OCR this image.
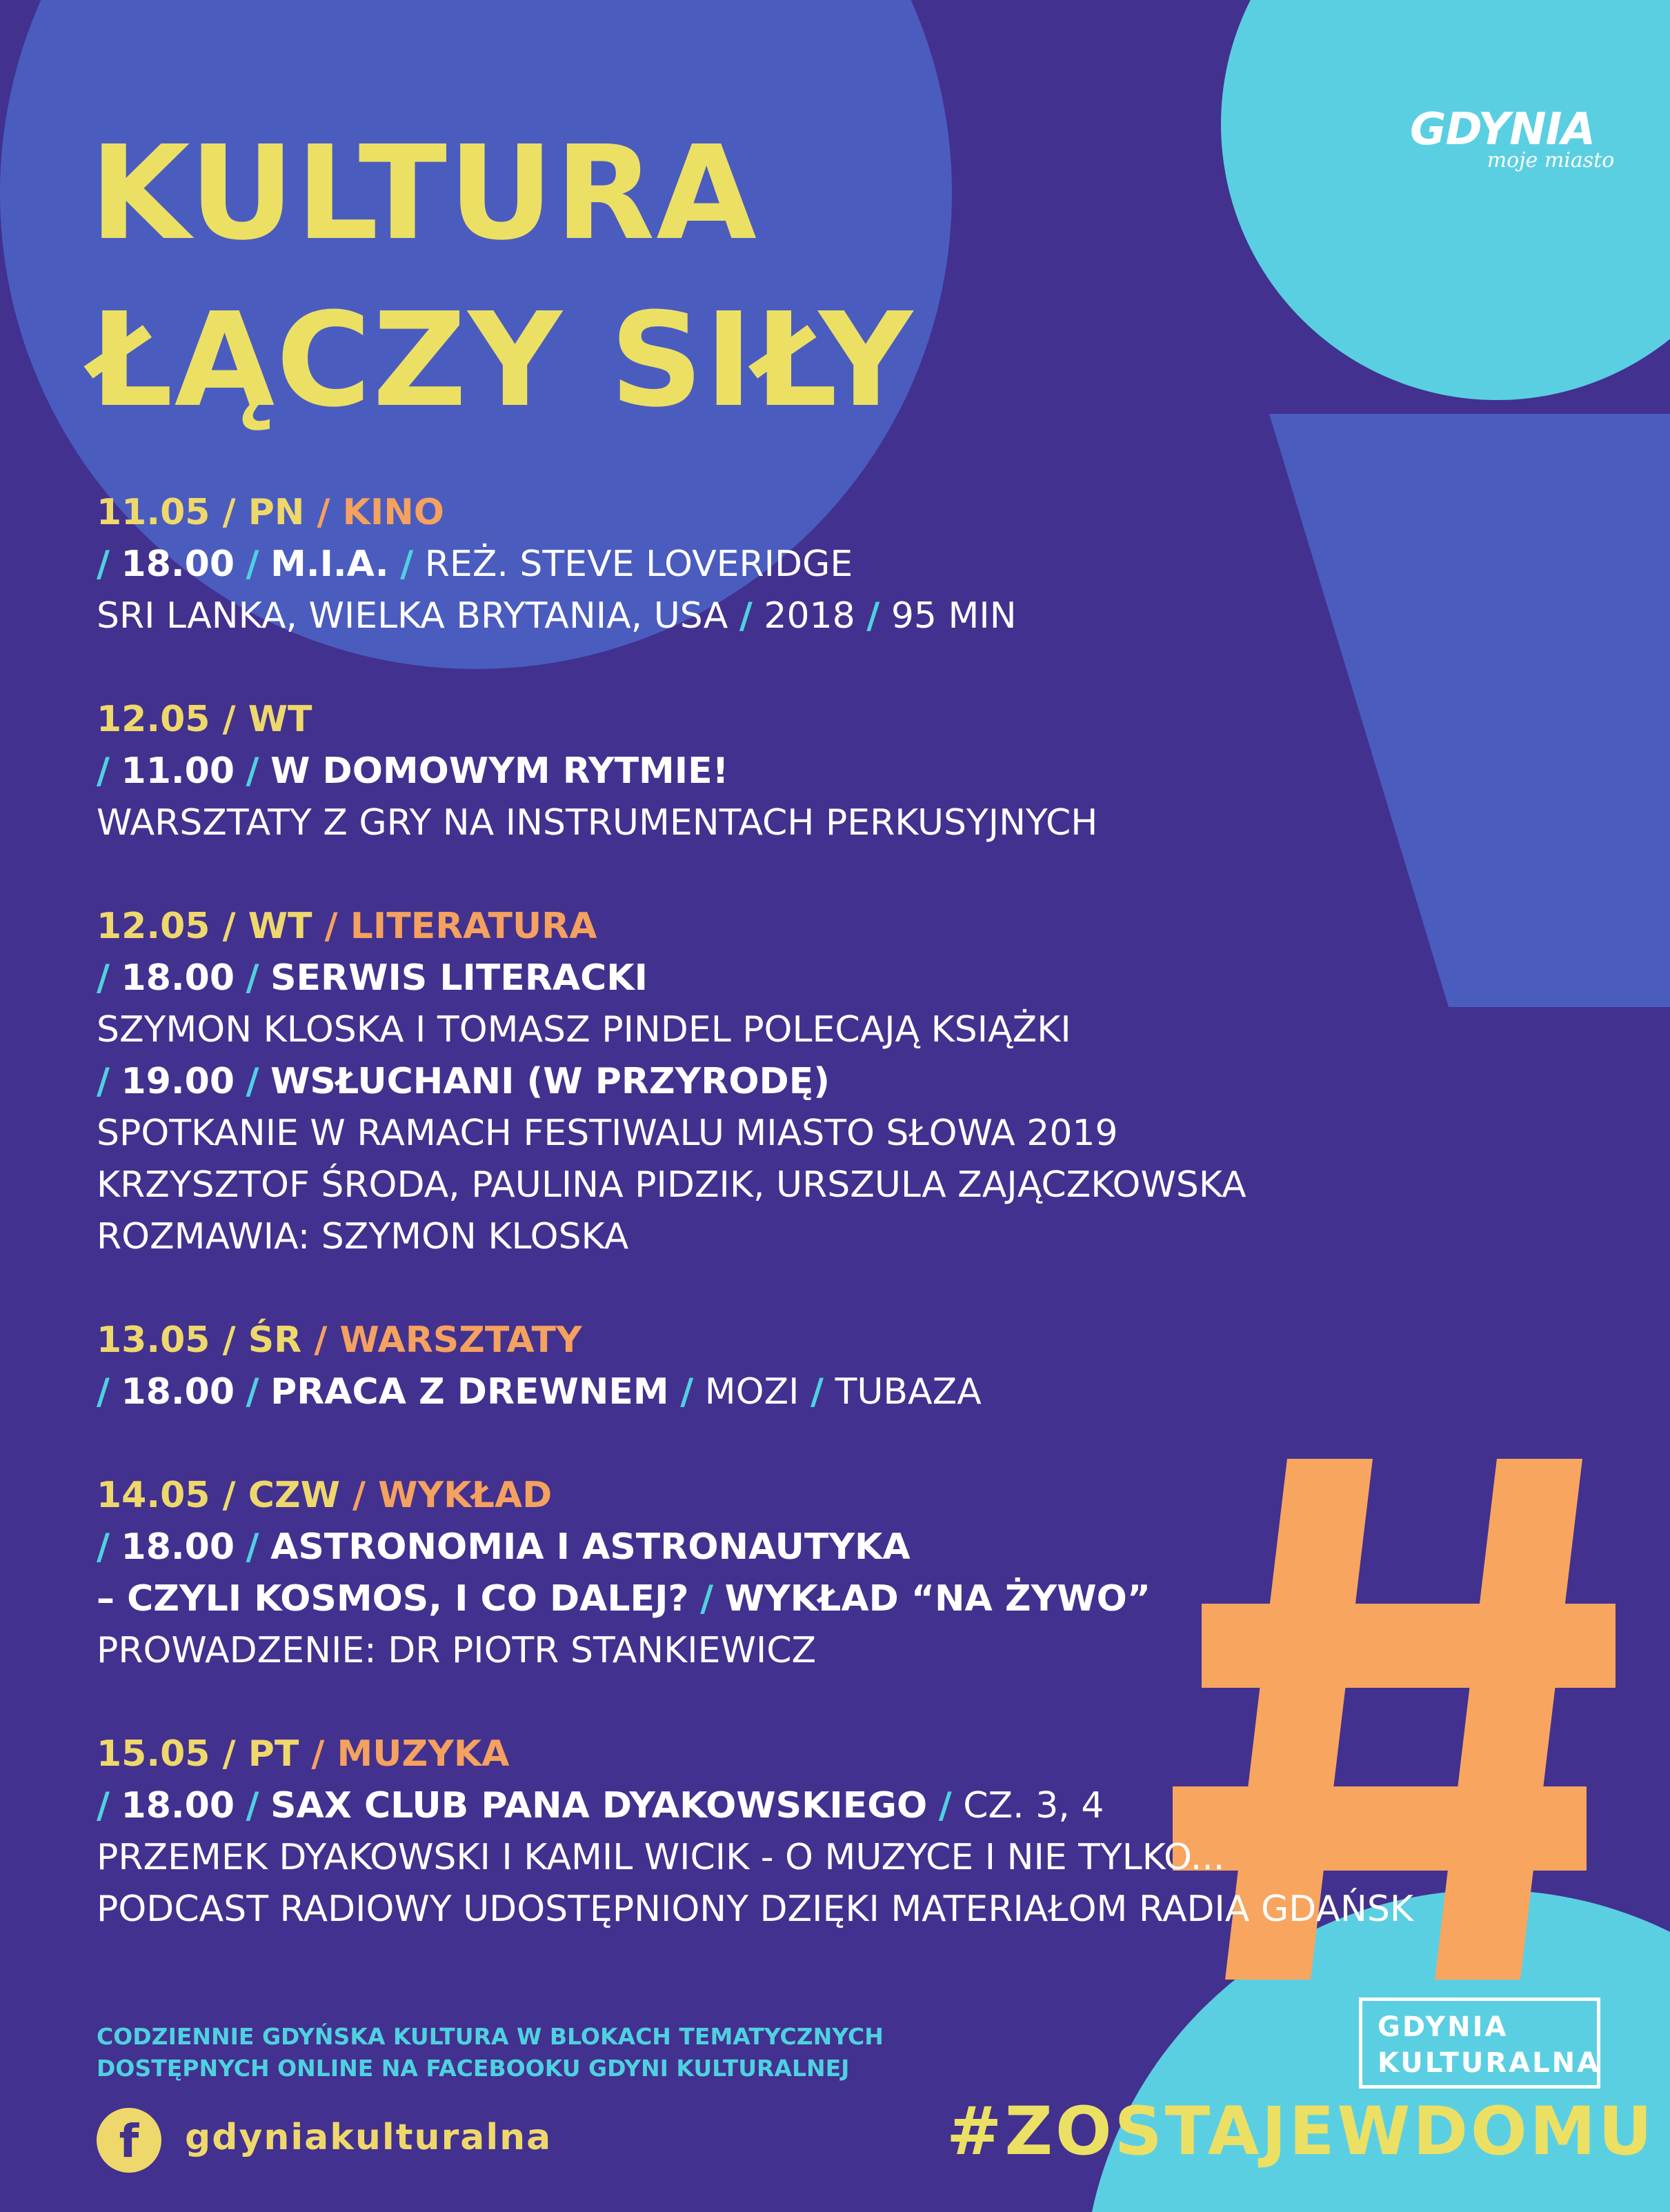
KULTURA
ŁĄCZY SIŁY
GDYNIA
moje miasto
11.05 / PN / KINO
/ 18.00 / M.I.A. / REŻ. STEVE LOVERIDGE
SRI LANKA, WIELKA BRYTANIA, USA / 2018 / 95 MIN
12.05 / WT
/ 11.00 / W DOMOWYM RYTMIE!
WARSZTATY Z GRY NA INSTRUMENTACH PERKUSYJNYCH
12.05 / WT / LITERATURA
/ 18.00 / SERWIS LITERACKI
SZYMON KLOSKA I TOMASZ PINDEL POLECAJĄ KSIĄŻKI
/ 19.00 / WSŁUCHANI (W PRZYRODĘ)
SPOTKANIE W RAMACH FESTIWALU MIASTO SŁOWA 2019
KRZYSZTOF ŚRODA, PAULINA PIDZIK, URSZULA ZAJĄCZKOWSKA
ROZMAWIA: SZYMON KLOSKA
13.05 / ŚR / WARSZTATY
/ 18.00 / PRACA Z DREWNEM / MOZI / TUBAZA
14.05 / CZW / WYKŁAD
/ 18.00 / ASTRONOMIA I ASTRONAUTYKA
– CZYLI KOSMOS, I CO DALEJ? / WYKŁAD “NA ŻYWO”
PROWADZENIE: DR PIOTR STANKIEWICZ
15.05 / PT / MUZYKA
/ 18.00 / SAX CLUB PANA DYAKOWSKIEGO / CZ. 3, 4
PRZEMEK DYAKOWSKI I KAMIL WICIK - O MUZYCE I NIE TYLKO...
PODCAST RADIOWY UDOSTĘPNIONY DZIĘKI MATERIAŁOM RADIA GDAŃSK
CODZIENNIE GDYŃSKA KULTURA W BLOKACH TEMATYCZNYCH
DOSTĘPNYCH ONLINE NA FACEBOOKU GDYNI KULTURALNEJ
f	gdyniakulturalna
GDYNIA
KULTURALNA
#ZOSTAJEWDOMU
